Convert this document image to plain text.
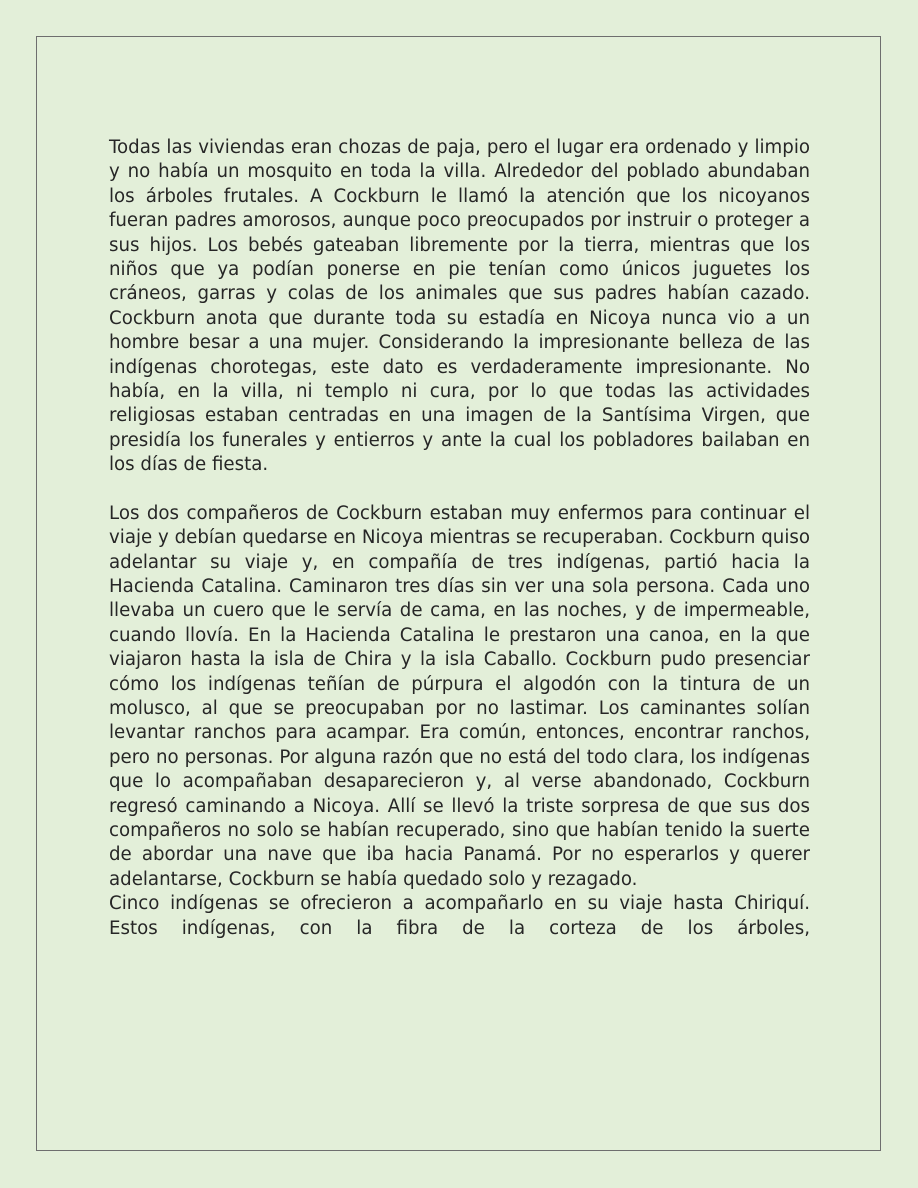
Todas las viviendas eran chozas de paja, pero el lugar era ordenado y limpio y no había un mosquito en toda la villa. Alrededor del poblado abundaban los árboles frutales. A Cockburn le llamó la atención que los nicoyanos fueran padres amorosos, aunque poco preocupados por instruir o proteger a sus hijos. Los bebés gateaban libremente por la tierra, mientras que los niños que ya podían ponerse en pie tenían como únicos juguetes los cráneos, garras y colas de los animales que sus padres habían cazado. Cockburn anota que durante toda su estadía en Nicoya nunca vio a un hombre besar a una mujer. Considerando la impresionante belleza de las indígenas chorotegas, este dato es verdaderamente impresionante. No había, en la villa, ni templo ni cura, por lo que todas las actividades religiosas estaban centradas en una imagen de la Santísima Virgen, que presidía los funerales y entierros y ante la cual los pobladores bailaban en los días de fiesta.

Los dos compañeros de Cockburn estaban muy enfermos para continuar el viaje y debían quedarse en Nicoya mientras se recuperaban. Cockburn quiso adelantar su viaje y, en compañía de tres indígenas, partió hacia la Hacienda Catalina. Caminaron tres días sin ver una sola persona. Cada uno llevaba un cuero que le servía de cama, en las noches, y de impermeable, cuando llovía. En la Hacienda Catalina le prestaron una canoa, en la que viajaron hasta la isla de Chira y la isla Caballo. Cockburn pudo presenciar cómo los indígenas teñían de púrpura el algodón con la tintura de un molusco, al que se preocupaban por no lastimar. Los caminantes solían levantar ranchos para acampar. Era común, entonces, encontrar ranchos, pero no personas. Por alguna razón que no está del todo clara, los indígenas que lo acompañaban desaparecieron y, al verse abandonado, Cockburn regresó caminando a Nicoya. Allí se llevó la triste sorpresa de que sus dos compañeros no solo se habían recuperado, sino que habían tenido la suerte de abordar una nave que iba hacia Panamá. Por no esperarlos y querer adelantarse, Cockburn se había quedado solo y rezagado.

Cinco indígenas se ofrecieron a acompañarlo en su viaje hasta Chiriquí. Estos indígenas, con la fibra de la corteza de los árboles,
